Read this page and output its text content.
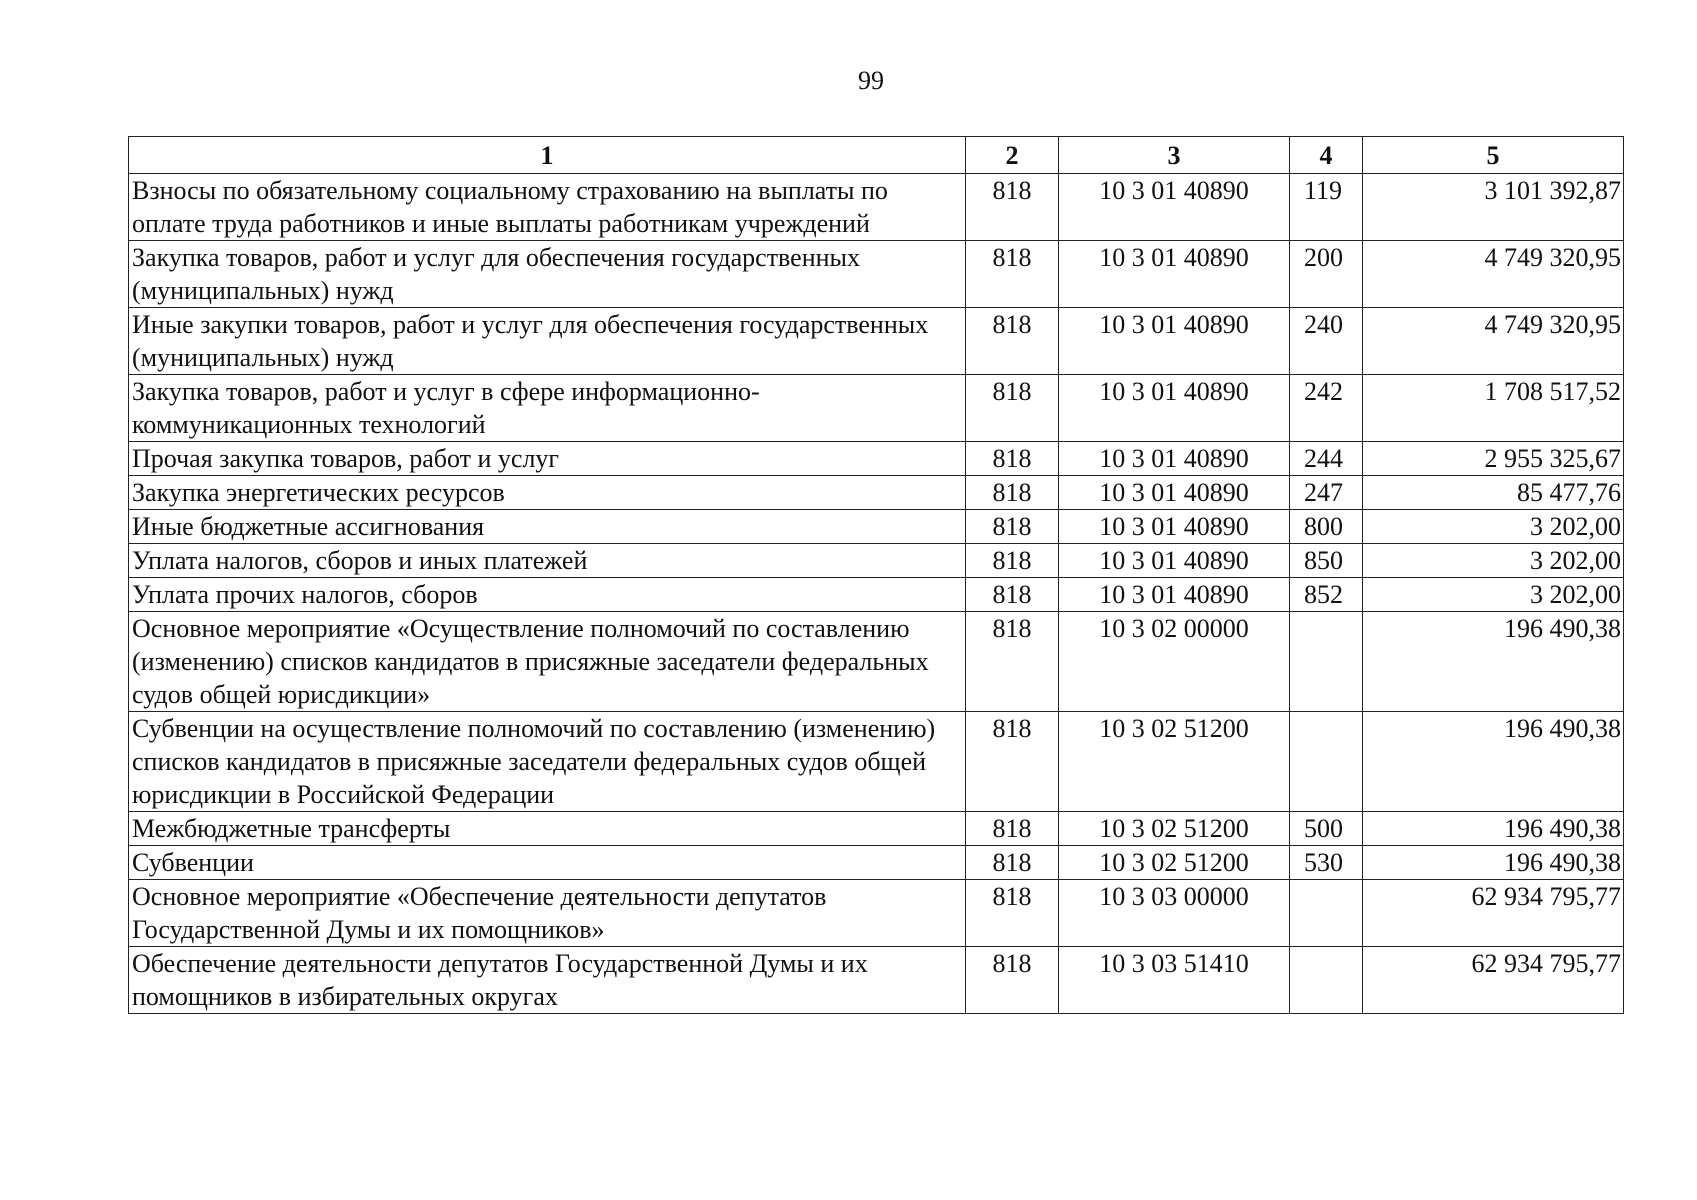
99
1	2	3	4	5
Взносы по обязательному социальному страхованию на выплаты по оплате труда работников и иные выплаты работникам учреждений	818	10 3 01 40890	119	3 101 392,87
Закупка товаров, работ и услуг для обеспечения государственных (муниципальных) нужд	818	10 3 01 40890	200	4 749 320,95
Иные закупки товаров, работ и услуг для обеспечения государственных (муниципальных) нужд	818	10 3 01 40890	240	4 749 320,95
Закупка товаров, работ и услуг в сфере информационно-коммуникационных технологий	818	10 3 01 40890	242	1 708 517,52
Прочая закупка товаров, работ и услуг	818	10 3 01 40890	244	2 955 325,67
Закупка энергетических ресурсов	818	10 3 01 40890	247	85 477,76
Иные бюджетные ассигнования	818	10 3 01 40890	800	3 202,00
Уплата налогов, сборов и иных платежей	818	10 3 01 40890	850	3 202,00
Уплата прочих налогов, сборов	818	10 3 01 40890	852	3 202,00
Основное мероприятие «Осуществление полномочий по составлению (изменению) списков кандидатов в присяжные заседатели федеральных судов общей юрисдикции»	818	10 3 02 00000		196 490,38
Субвенции на осуществление полномочий по составлению (изменению) списков кандидатов в присяжные заседатели федеральных судов общей юрисдикции в Российской Федерации	818	10 3 02 51200		196 490,38
Межбюджетные трансферты	818	10 3 02 51200	500	196 490,38
Субвенции	818	10 3 02 51200	530	196 490,38
Основное мероприятие «Обеспечение деятельности депутатов Государственной Думы и их помощников»	818	10 3 03 00000		62 934 795,77
Обеспечение деятельности депутатов Государственной Думы и их помощников в избирательных округах	818	10 3 03 51410		62 934 795,77
